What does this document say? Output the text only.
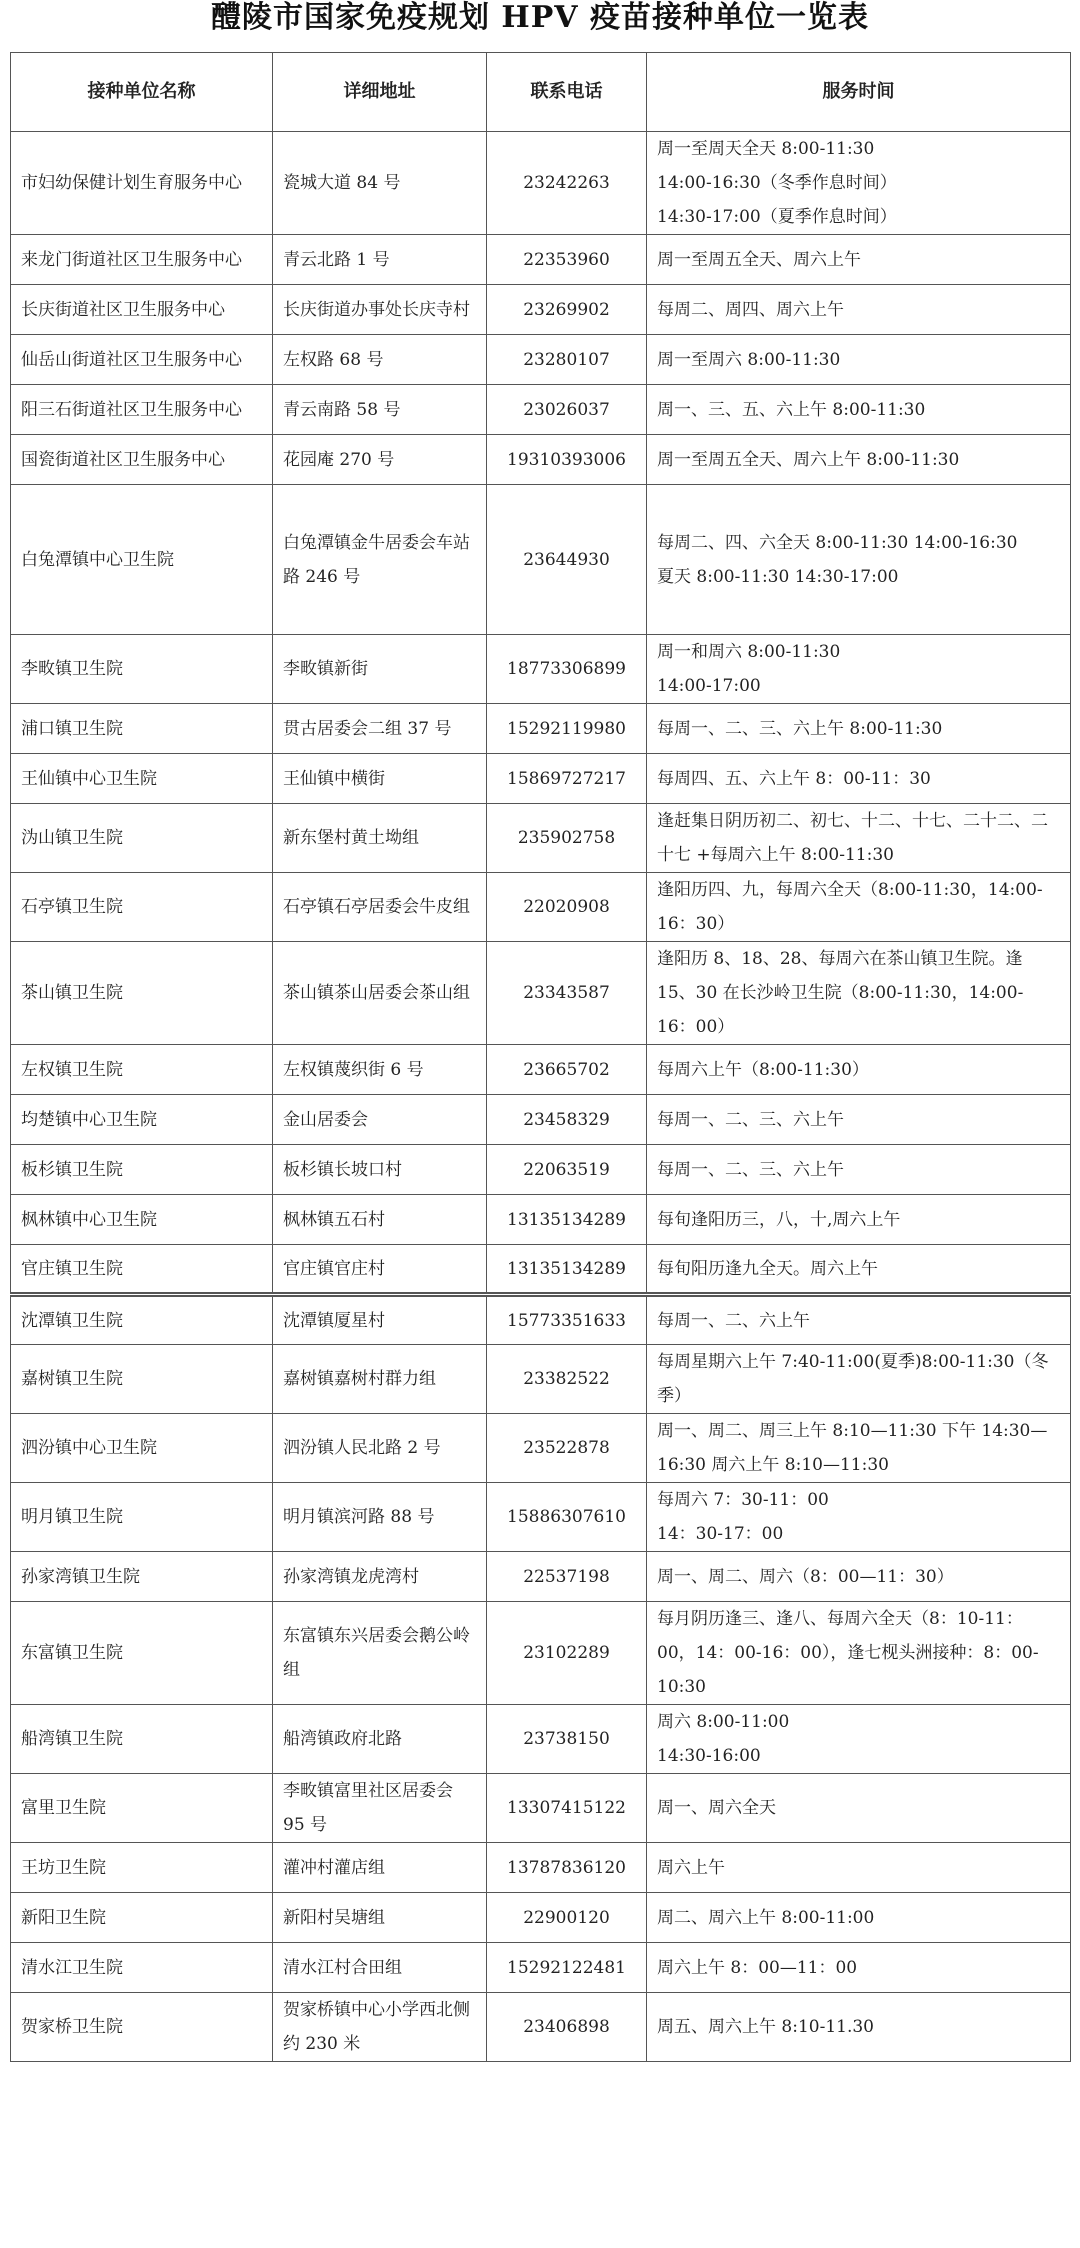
醴陵市国家免疫规划 HPV 疫苗接种单位一览表
接种单位名称	详细地址	联系电话	服务时间
市妇幼保健计划生育服务中心	瓷城大道 84 号	23242263	周一至周天全天 8:00-11:30
14:00-16:30（冬季作息时间）
14:30-17:00（夏季作息时间）
来龙门街道社区卫生服务中心	青云北路 1 号	22353960	周一至周五全天、周六上午
长庆街道社区卫生服务中心	长庆街道办事处长庆寺村	23269902	每周二、周四、周六上午
仙岳山街道社区卫生服务中心	左权路 68 号	23280107	周一至周六 8:00-11:30
阳三石街道社区卫生服务中心	青云南路 58 号	23026037	周一、三、五、六上午 8:00-11:30
国瓷街道社区卫生服务中心	花园庵 270 号	19310393006	周一至周五全天、周六上午 8:00-11:30
白兔潭镇中心卫生院	白兔潭镇金牛居委会车站路 246 号	23644930	每周二、四、六全天 8:00-11:30 14:00-16:30
夏天 8:00-11:30 14:30-17:00
李畋镇卫生院	李畋镇新街	18773306899	周一和周六 8:00-11:30
14:00-17:00
浦口镇卫生院	贯古居委会二组 37 号	15292119980	每周一、二、三、六上午 8:00-11:30
王仙镇中心卫生院	王仙镇中横街	15869727217	每周四、五、六上午 8：00-11：30
沩山镇卫生院	新东堡村黄土坳组	235902758	逢赶集日阴历初二、初七、十二、十七、二十二、二十七 +每周六上午 8:00-11:30
石亭镇卫生院	石亭镇石亭居委会牛皮组	22020908	逢阳历四、九，每周六全天（8:00-11:30，14:00-16：30）
茶山镇卫生院	茶山镇茶山居委会茶山组	23343587	逢阳历 8、18、28、每周六在茶山镇卫生院。逢 15、30 在长沙岭卫生院（8:00-11:30，14:00-16：00）
左权镇卫生院	左权镇蔑织街 6 号	23665702	每周六上午（8:00-11:30）
均楚镇中心卫生院	金山居委会	23458329	每周一、二、三、六上午
板杉镇卫生院	板杉镇长坡口村	22063519	每周一、二、三、六上午
枫林镇中心卫生院	枫林镇五石村	13135134289	每旬逢阳历三，八，十,周六上午
官庄镇卫生院	官庄镇官庄村	13135134289	每旬阳历逢九全天。周六上午
沈潭镇卫生院	沈潭镇厦星村	15773351633	每周一、二、六上午
嘉树镇卫生院	嘉树镇嘉树村群力组	23382522	每周星期六上午 7:40-11:00(夏季)8:00-11:30（冬季）
泗汾镇中心卫生院	泗汾镇人民北路 2 号	23522878	周一、周二、周三上午 8:10—11:30 下午 14:30—16:30 周六上午 8:10—11:30
明月镇卫生院	明月镇滨河路 88 号	15886307610	每周六 7：30-11：00
14：30-17：00
孙家湾镇卫生院	孙家湾镇龙虎湾村	22537198	周一、周二、周六（8：00—11：30）
东富镇卫生院	东富镇东兴居委会鹅公岭组	23102289	每月阴历逢三、逢八、每周六全天（8：10-11：00，14：00-16：00），逢七枧头洲接种：8：00-10:30
船湾镇卫生院	船湾镇政府北路	23738150	周六 8:00-11:00
14:30-16:00
富里卫生院	李畋镇富里社区居委会 95 号	13307415122	周一、周六全天
王坊卫生院	灌冲村灌店组	13787836120	周六上午
新阳卫生院	新阳村吴塘组	22900120	周二、周六上午 8:00-11:00
清水江卫生院	清水江村合田组	15292122481	周六上午 8：00—11：00
贺家桥卫生院	贺家桥镇中心小学西北侧约 230 米	23406898	周五、周六上午 8:10-11.30
